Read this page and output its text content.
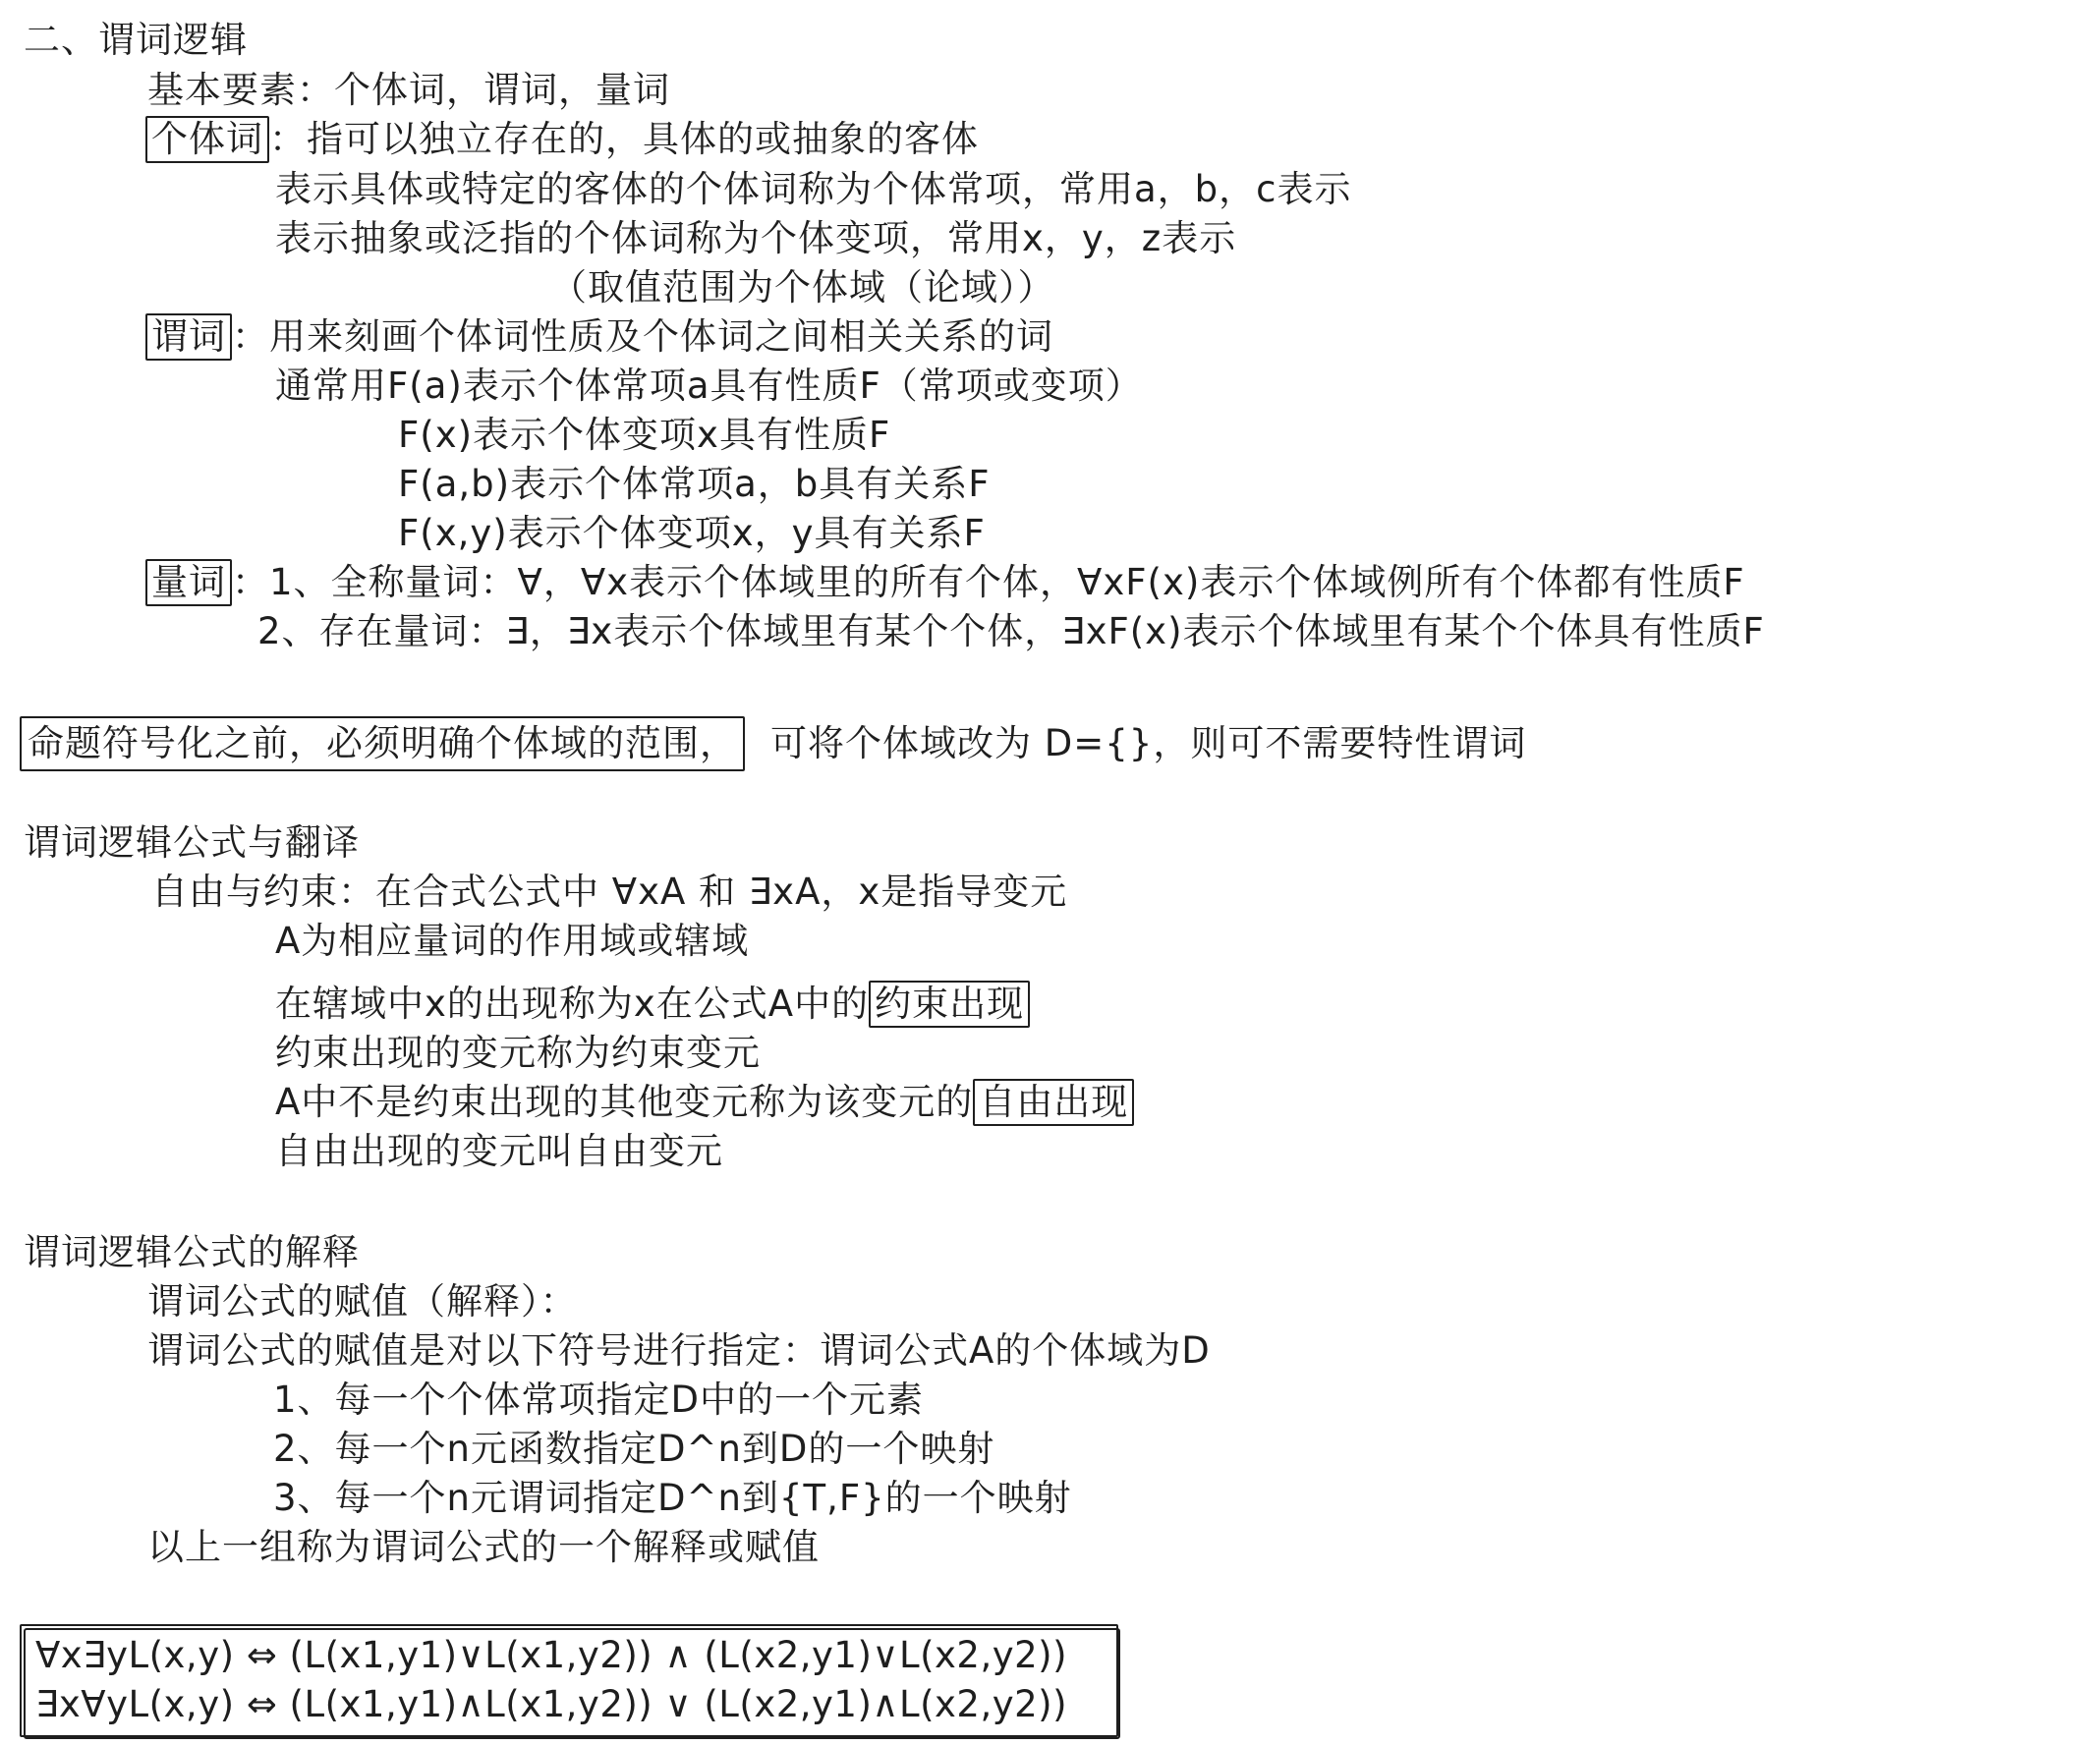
二、谓词逻辑
基本要素：个体词，谓词，量词
个体词 ：指可以独立存在的，具体的或抽象的客体
表示具体或特定的客体的个体词称为个体常项，常用a，b，c表示
表示抽象或泛指的个体词称为个体变项，常用x，y，z表示
（取值范围为个体域（论域））
谓词 ：用来刻画个体词性质及个体词之间相关关系的词
通常用F(a)表示个体常项a具有性质F（常项或变项）
F(x)表示个体变项x具有性质F
F(a,b)表示个体常项a，b具有关系F
F(x,y)表示个体变项x，y具有关系F
量词 ：1、全称量词：∀，∀x表示个体域里的所有个体，∀xF(x)表示个体域例所有个体都有性质F
2、存在量词：∃，∃x表示个体域里有某个个体，∃xF(x)表示个体域里有某个个体具有性质F
命题符号化之前，必须明确个体域的范围， 可将个体域改为 D={}，则可不需要特性谓词
谓词逻辑公式与翻译
自由与约束：在合式公式中 ∀xA 和 ∃xA，x是指导变元
A为相应量词的作用域或辖域
在辖域中x的出现称为x在公式A中的 约束出现
约束出现的变元称为约束变元
A中不是约束出现的其他变元称为该变元的 自由出现
自由出现的变元叫自由变元
谓词逻辑公式的解释
谓词公式的赋值（解释）：
谓词公式的赋值是对以下符号进行指定：谓词公式A的个体域为D
1、每一个个体常项指定D中的一个元素
2、每一个n元函数指定D^n到D的一个映射
3、每一个n元谓词指定D^n到{T,F}的一个映射
以上一组称为谓词公式的一个解释或赋值
∀x∃yL(x,y) ⇔ (L(x1,y1)∨L(x1,y2)) ∧ (L(x2,y1)∨L(x2,y2))
∃x∀yL(x,y) ⇔ (L(x1,y1)∧L(x1,y2)) ∨ (L(x2,y1)∧L(x2,y2))
